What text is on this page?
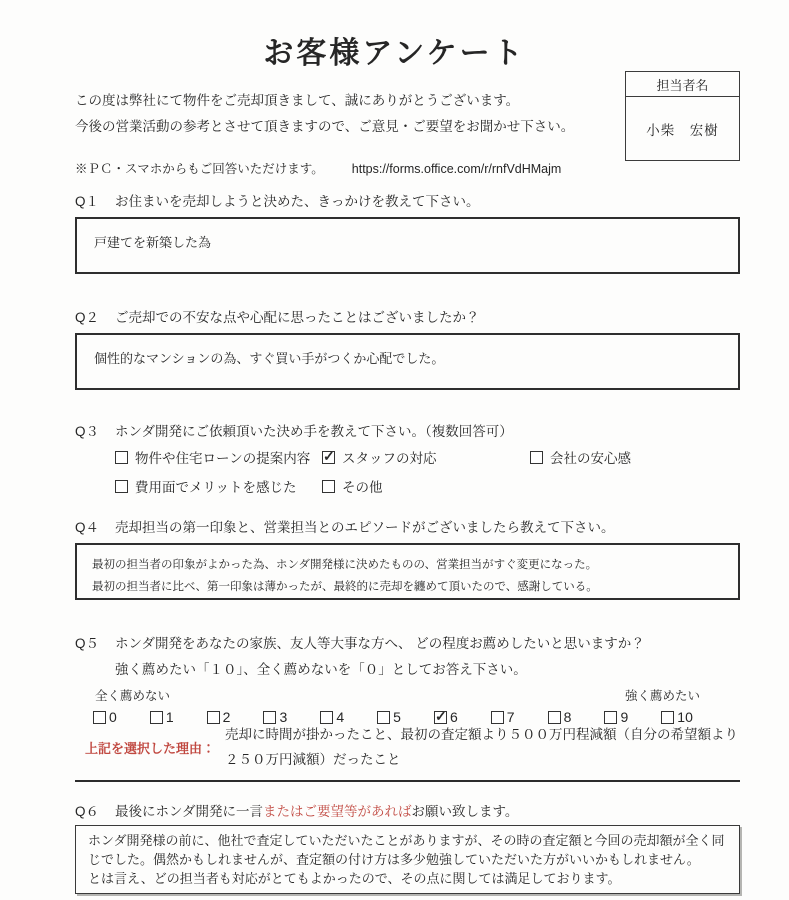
お客様アンケート
この度は弊社にて物件をご売却頂きまして、誠にありがとうございます。
今後の営業活動の参考とさせて頂きますので、ご意見・ご要望をお聞かせ下さい。
※ＰＣ・スマホからもご回答いただけます。 https://forms.office.com/r/rnfVdHMajm
担当者名
小柴　宏樹
Q１	お住まいを売却しようと決めた、きっかけを教えて下さい。
戸建てを新築した為
Q２	ご売却での不安な点や心配に思ったことはございましたか？
個性的なマンションの為、すぐ買い手がつくか心配でした。
Q３	ホンダ開発にご依頼頂いた決め手を教えて下さい。（複数回答可）
物件や住宅ローンの提案内容 ✓ スタッフの対応	会社の安心感
費用面でメリットを感じた	その他
Q４	売却担当の第一印象と、営業担当とのエピソードがございましたら教えて下さい。
最初の担当者の印象がよかった為、ホンダ開発様に決めたものの、営業担当がすぐ変更になった。
最初の担当者に比べ、第一印象は薄かったが、最終的に売却を纏めて頂いたので、感謝している。
Q５	ホンダ開発をあなたの家族、友人等大事な方へ、 どの程度お薦めしたいと思いますか？
強く薦めたい「１０」、全く薦めないを「０」としてお答え下さい。
全く薦めない	強く薦めたい
0	1	2	3	4	5 ✓	6	7	8	9	10
上記を選択した理由：
売却に時間が掛かったこと、最初の査定額より５００万円程減額（自分の希望額より２５０万円減額）だったこと
Q６	最後にホンダ開発に一言またはご要望等があればお願い致します。
ホンダ開発様の前に、他社で査定していただいたことがありますが、その時の査定額と今回の売却額が全く同じでした。偶然かもしれませんが、査定額の付け方は多少勉強していただいた方がいいかもしれません。
とは言え、どの担当者も対応がとてもよかったので、その点に関しては満足しております。
